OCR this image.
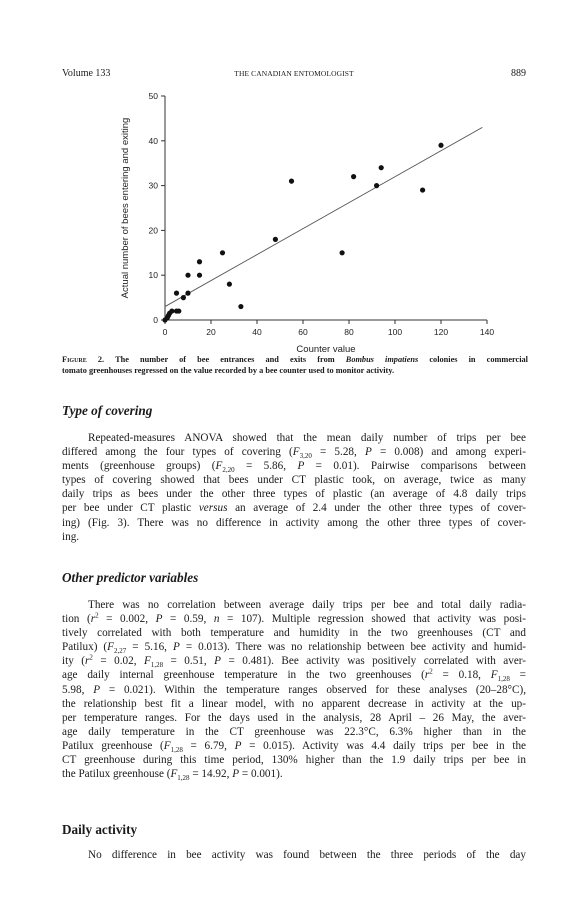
Volume 133	THE CANADIAN ENTOMOLOGIST	889
0	20	40	60	80	100	120	140
0
10
20
30
40
50
Counter value
Actual number of bees entering and exiting
Figure 2. The number of bee entrances and exits from Bombus impatiens colonies in commercial
tomato greenhouses regressed on the value recorded by a bee counter used to monitor activity.
Type of covering
Repeated-measures ANOVA showed that the mean daily number of trips per bee
differed among the four types of covering ($F_{3,20} = 5.28$, P = 0.008) and among experi-
ments (greenhouse groups) ($F_{2,20} = 5.86$, P = 0.01). Pairwise comparisons between
types of covering showed that bees under CT plastic took, on average, twice as many
daily trips as bees under the other three types of plastic (an average of 4.8 daily trips
per bee under CT plastic versus an average of 2.4 under the other three types of cover-
ing) (Fig. 3). There was no difference in activity among the other three types of cover-
ing.
Other predictor variables
There was no correlation between average daily trips per bee and total daily radia-
tion ($r^2 = 0.002$, P = 0.59, n = 107). Multiple regression showed that activity was posi-
tively correlated with both temperature and humidity in the two greenhouses (CT and
Patilux) ($F_{2,27} = 5.16$, P = 0.013). There was no relationship between bee activity and humid-
ity ($r^2 = 0.02$, $F_{1,28} = 0.51$, P = 0.481). Bee activity was positively correlated with aver-
age daily internal greenhouse temperature in the two greenhouses ($r^2 = 0.18$, $F_{1,28}$ =
5.98, P = 0.021). Within the temperature ranges observed for these analyses (20–28°C),
the relationship best fit a linear model, with no apparent decrease in activity at the up-
per temperature ranges. For the days used in the analysis, 28 April – 26 May, the aver-
age daily temperature in the CT greenhouse was 22.3°C, 6.3% higher than in the
Patilux greenhouse ($F_{1,28} = 6.79$, P = 0.015). Activity was 4.4 daily trips per bee in the
CT greenhouse during this time period, 130% higher than the 1.9 daily trips per bee in
the Patilux greenhouse ($F_{1,28} = 14.92$, P = 0.001).
Daily activity
No difference in bee activity was found between the three periods of the day
